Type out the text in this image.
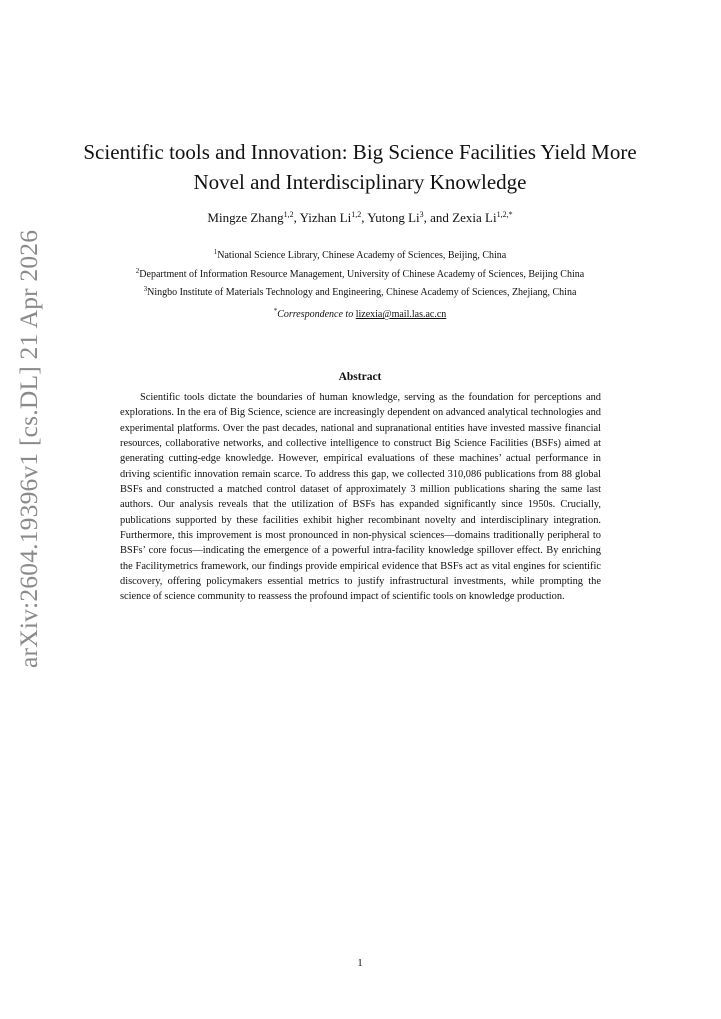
arXiv:2604.19396v1 [cs.DL] 21 Apr 2026
Scientific tools and Innovation: Big Science Facilities Yield More
Novel and Interdisciplinary Knowledge
Mingze Zhang$^{1,2}$, Yizhan Li$^{1,2}$, Yutong Li$^3$, and Zexia $Li^{1,2,*}$
$^1$National Science Library, Chinese Academy of Sciences, Beijing, China
$^2$Department of Information Resource Management, University of Chinese Academy of Sciences, Beijing China
$^3$Ningbo Institute of Materials Technology and Engineering, Chinese Academy of Sciences, Zhejiang, China
*Correspondence to lizexia@mail.las.ac.cn
Abstract
Scientific tools dictate the boundaries of human knowledge, serving as the foundation for perceptions and explorations. In the era of Big Science, science are increasingly dependent on advanced analytical technologies and experimental platforms. Over the past decades, national and supranational entities have invested massive financial resources, collaborative networks, and collective intelligence to construct Big Science Facilities (BSFs) aimed at generating cutting-edge knowledge. However, empirical evaluations of these machines’ actual performance in driving scientific innovation remain scarce. To address this gap, we collected 310,086 publications from 88 global BSFs and constructed a matched control dataset of approximately 3 million publications sharing the same last authors. Our analysis reveals that the utilization of BSFs has expanded significantly since 1950s. Crucially, publications supported by these facilities exhibit higher recombinant novelty and interdisciplinary integration. Furthermore, this improvement is most pronounced in non-physical sciences—domains traditionally peripheral to BSFs’ core focus—indicating the emergence of a powerful intra-facility knowledge spillover effect. By enriching the Facilitymetrics framework, our findings provide empirical evidence that BSFs act as vital engines for scientific discovery, offering policymakers essential metrics to justify infrastructural investments, while prompting the science of science community to reassess the profound impact of scientific tools on knowledge production.
1
